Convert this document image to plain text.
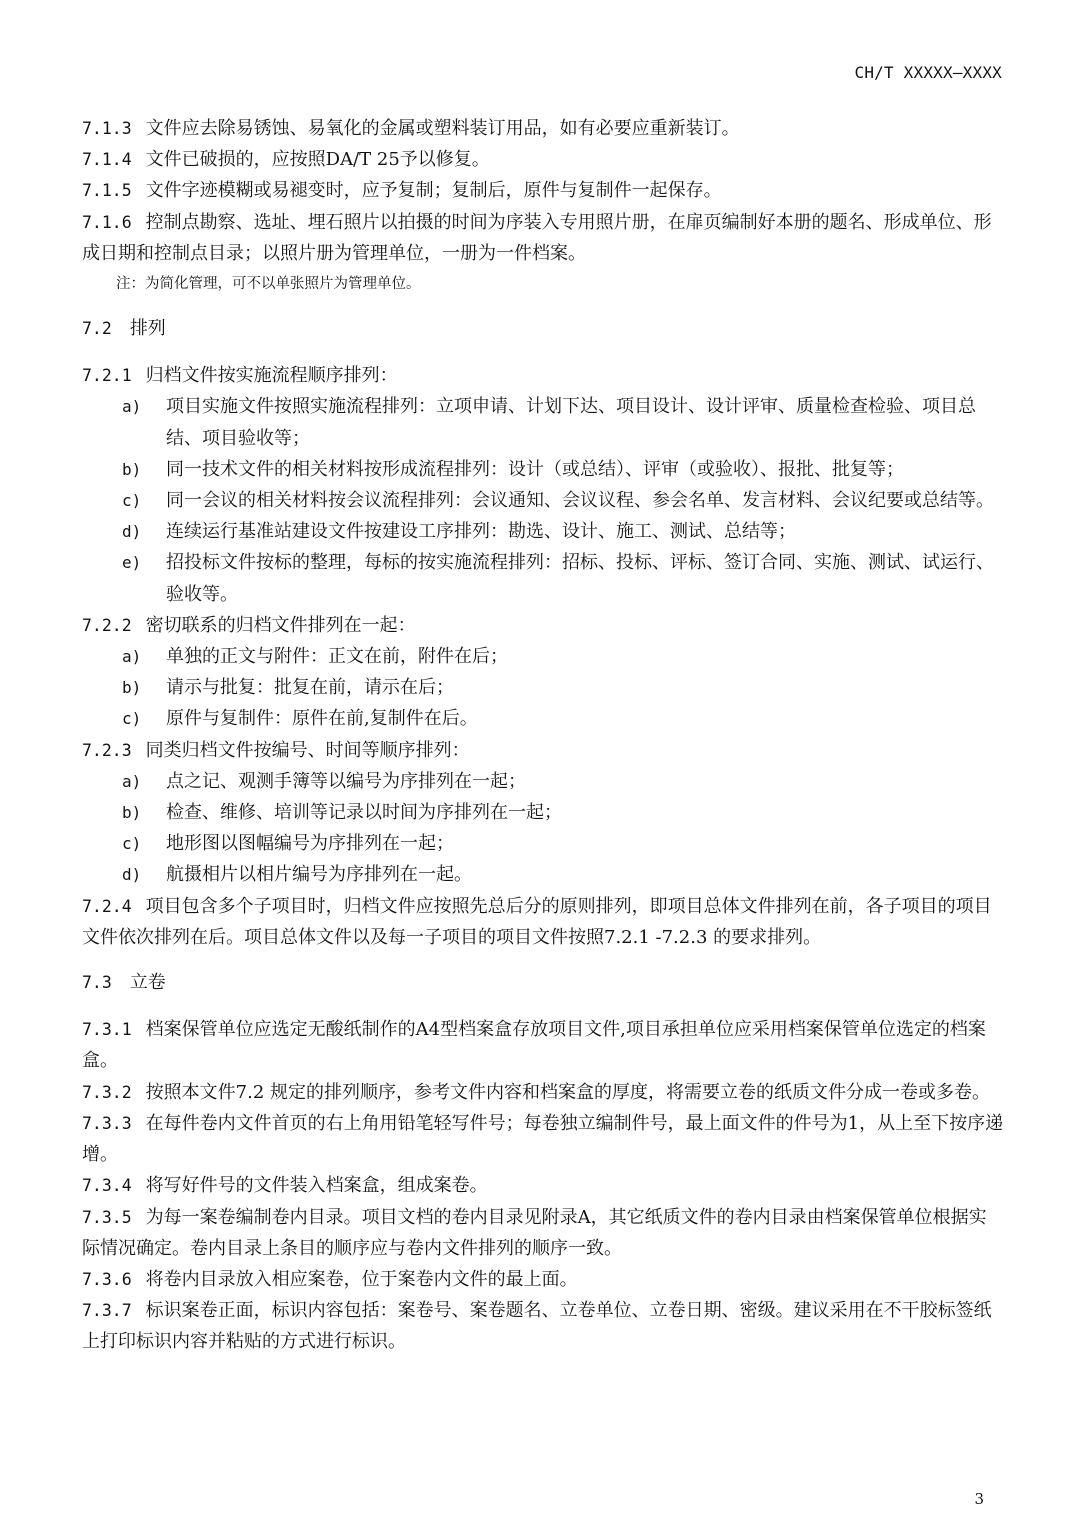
CH/T XXXXX—XXXX
7.1.3 文件应去除易锈蚀、易氧化的金属或塑料装订用品，如有必要应重新装订。
7.1.4 文件已破损的，应按照DA/T 25予以修复。
7.1.5 文件字迹模糊或易褪变时，应予复制；复制后，原件与复制件一起保存。
7.1.6 控制点勘察、选址、埋石照片以拍摄的时间为序装入专用照片册，在扉页编制好本册的题名、形成单位、形成日期和控制点目录；以照片册为管理单位，一册为一件档案。
注：为简化管理，可不以单张照片为管理单位。
7.2 排列
7.2.1 归档文件按实施流程顺序排列：
a)	项目实施文件按照实施流程排列：立项申请、计划下达、项目设计、设计评审、质量检查检验、项目总结、项目验收等；
b)	同一技术文件的相关材料按形成流程排列：设计（或总结）、评审（或验收）、报批、批复等；
c)	同一会议的相关材料按会议流程排列：会议通知、会议议程、参会名单、发言材料、会议纪要或总结等。
d)	连续运行基准站建设文件按建设工序排列：勘选、设计、施工、测试、总结等；
e)	招投标文件按标的整理，每标的按实施流程排列：招标、投标、评标、签订合同、实施、测试、试运行、验收等。
7.2.2 密切联系的归档文件排列在一起：
a)	单独的正文与附件：正文在前，附件在后；
b)	请示与批复：批复在前，请示在后；
c)	原件与复制件：原件在前,复制件在后。
7.2.3 同类归档文件按编号、时间等顺序排列：
a)	点之记、观测手簿等以编号为序排列在一起；
b)	检查、维修、培训等记录以时间为序排列在一起；
c)	地形图以图幅编号为序排列在一起；
d)	航摄相片以相片编号为序排列在一起。
7.2.4 项目包含多个子项目时，归档文件应按照先总后分的原则排列，即项目总体文件排列在前，各子项目的项目文件依次排列在后。项目总体文件以及每一子项目的项目文件按照7.2.1 -7.2.3 的要求排列。
7.3 立卷
7.3.1 档案保管单位应选定无酸纸制作的A4型档案盒存放项目文件,项目承担单位应采用档案保管单位选定的档案盒。
7.3.2 按照本文件7.2 规定的排列顺序，参考文件内容和档案盒的厚度，将需要立卷的纸质文件分成一卷或多卷。
7.3.3 在每件卷内文件首页的右上角用铅笔轻写件号；每卷独立编制件号，最上面文件的件号为1，从上至下按序递增。
7.3.4 将写好件号的文件装入档案盒，组成案卷。
7.3.5 为每一案卷编制卷内目录。项目文档的卷内目录见附录A，其它纸质文件的卷内目录由档案保管单位根据实际情况确定。卷内目录上条目的顺序应与卷内文件排列的顺序一致。
7.3.6 将卷内目录放入相应案卷，位于案卷内文件的最上面。
7.3.7 标识案卷正面，标识内容包括：案卷号、案卷题名、立卷单位、立卷日期、密级。建议采用在不干胶标签纸上打印标识内容并粘贴的方式进行标识。
3
